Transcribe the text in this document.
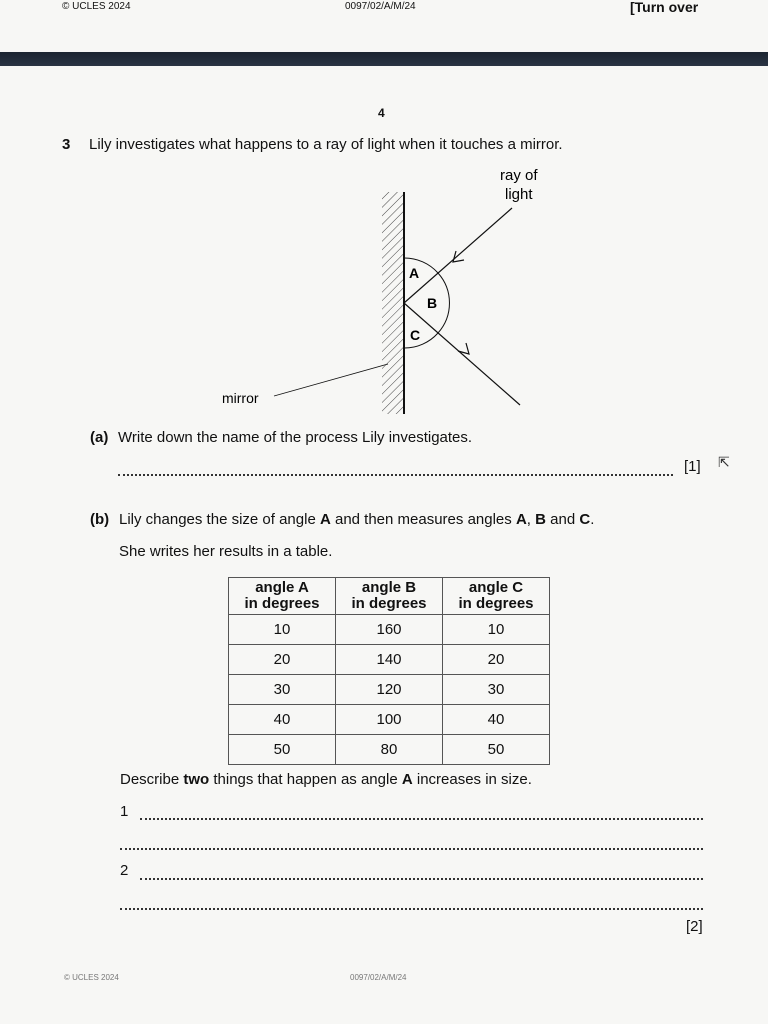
© UCLES 2024	0097/02/A/M/24	[Turn over
4
3 Lily investigates what happens to a ray of light when it touches a mirror.
ray of
light
mirror
A
B
C
(a) Write down the name of the process Lily investigates.
[1] ⇱
(b) Lily changes the size of angle A and then measures angles A, B and C.
She writes her results in a table.
angle A
in degrees	angle B
in degrees	angle C
in degrees
10	160	10
20	140	20
30	120	30
40	100	40
50	80	50
Describe two things that happen as angle A increases in size.
1
2
[2]
© UCLES 2024	0097/02/A/M/24
